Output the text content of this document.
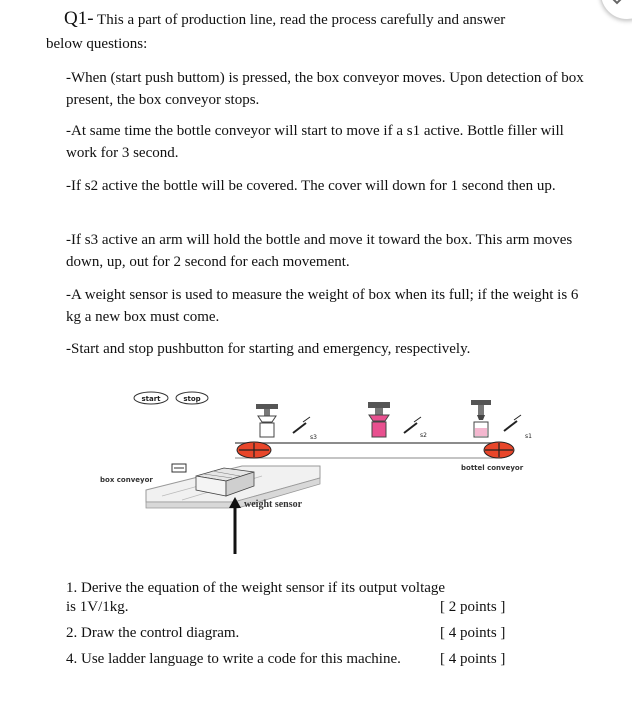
Q1- This a part of production line, read the process carefully and answer
below questions:
-When (start push buttom) is pressed, the box conveyor moves. Upon detection of box present, the box conveyor stops.
-At same time the bottle conveyor will start to move if a s1 active. Bottle filler will work for 3 second.
-If s2 active the bottle will be covered. The cover will down for 1 second then up.
-If s3 active an arm will hold the bottle and move it toward the box. This arm moves down, up, out for 2 second for each movement.
-A weight sensor is used to measure the weight of box when its full; if the weight is 6 kg a new box must come.
-Start and stop pushbutton for starting and emergency, respectively.
start	stop
s3	s2	s1
bottel conveyor
box conveyor
weight sensor
1. Derive the equation of the weight sensor if its output voltage
is 1V/1kg.	[ 2 points ]
2. Draw the control diagram.	[ 4 points ]
4. Use ladder language to write a code for this machine.	[ 4 points ]
